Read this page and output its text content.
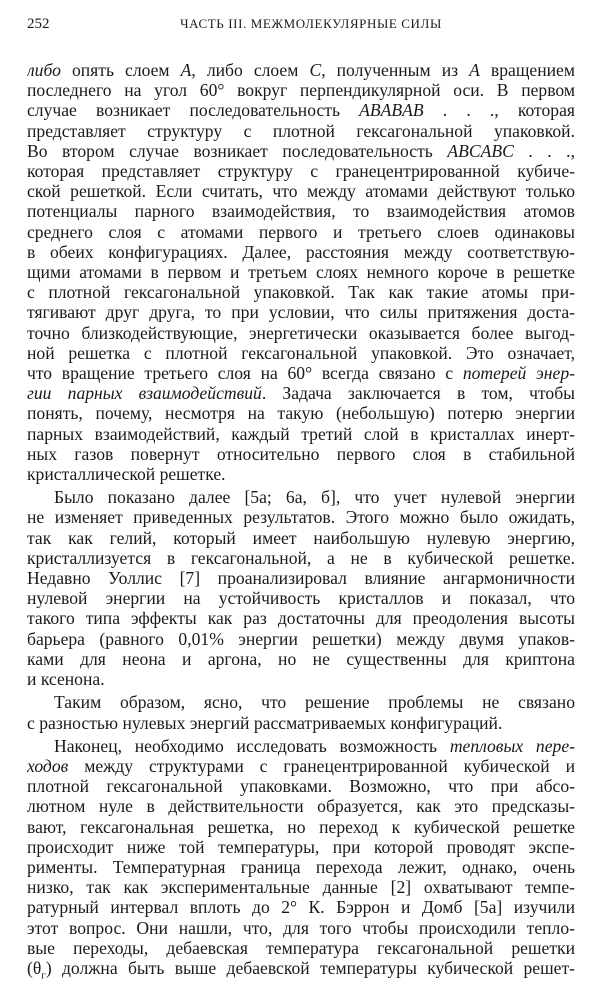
252	ЧАСТЬ III. МЕЖМОЛЕКУЛЯРНЫЕ СИЛЫ
либо опять слоем A, либо слоем C, полученным из A вращением
последнего на угол 60° вокруг перпендикулярной оси. В первом
случае возникает последовательность ABABAB . . ., которая
представляет структуру с плотной гексагональной упаковкой.
Во втором случае возникает последовательность ABCABC . . .,
которая представляет структуру с гранецентрированной кубиче-
ской решеткой. Если считать, что между атомами действуют только
потенциалы парного взаимодействия, то взаимодействия атомов
среднего слоя с атомами первого и третьего слоев одинаковы
в обеих конфигурациях. Далее, расстояния между соответствую-
щими атомами в первом и третьем слоях немного короче в решетке
с плотной гексагональной упаковкой. Так как такие атомы при-
тягивают друг друга, то при условии, что силы притяжения доста-
точно близкодействующие, энергетически оказывается более выгод-
ной решетка с плотной гексагональной упаковкой. Это означает,
что вращение третьего слоя на 60° всегда связано с потерей энер-
гии парных взаимодействий. Задача заключается в том, чтобы
понять, почему, несмотря на такую (небольшую) потерю энергии
парных взаимодействий, каждый третий слой в кристаллах инерт-
ных газов повернут относительно первого слоя в стабильной
кристаллической решетке.
Было показано далее [5а; 6а, б], что учет нулевой энергии
не изменяет приведенных результатов. Этого можно было ожидать,
так как гелий, который имеет наибольшую нулевую энергию,
кристаллизуется в гексагональной, а не в кубической решетке.
Недавно Уоллис [7] проанализировал влияние ангармоничности
нулевой энергии на устойчивость кристаллов и показал, что
такого типа эффекты как раз достаточны для преодоления высоты
барьера (равного 0,01% энергии решетки) между двумя упаков-
ками для неона и аргона, но не существенны для криптона
и ксенона.
Таким образом, ясно, что решение проблемы не связано
с разностью нулевых энергий рассматриваемых конфигураций.
Наконец, необходимо исследовать возможность тепловых пере-
ходов между структурами с гранецентрированной кубической и
плотной гексагональной упаковками. Возможно, что при абсо-
лютном нуле в действительности образуется, как это предсказы-
вают, гексагональная решетка, но переход к кубической решетке
происходит ниже той температуры, при которой проводят экспе-
рименты. Температурная граница перехода лежит, однако, очень
низко, так как экспериментальные данные [2] охватывают темпе-
ратурный интервал вплоть до 2° К. Бэррон и Домб [5а] изучили
этот вопрос. Они нашли, что, для того чтобы происходили тепло-
вые переходы, дебаевская температура гексагональной решетки
$(\theta_г)$ должна быть выше дебаевской температуры кубической решет-
